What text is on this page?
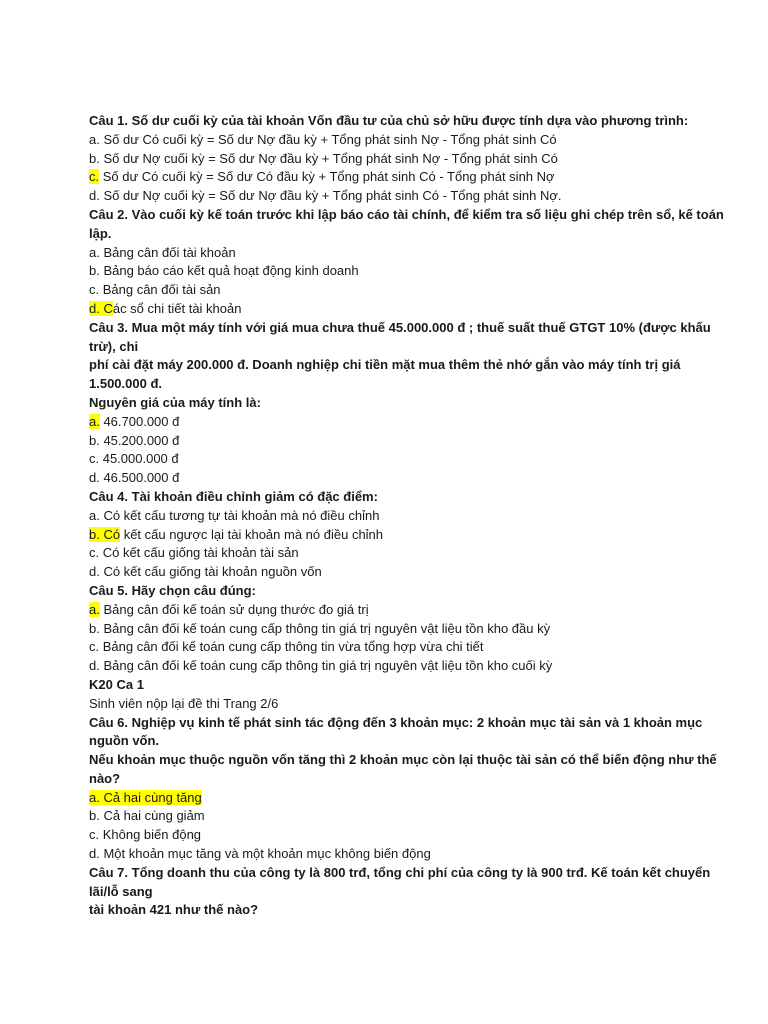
Câu 1. Số dư cuối kỳ của tài khoản Vốn đầu tư của chủ sở hữu được tính dựa vào phương trình:
a. Số dư Có cuối kỳ = Số dư Nợ đầu kỳ + Tổng phát sinh Nợ - Tổng phát sinh Có
b. Số dư Nợ cuối kỳ = Số dư Nợ đầu kỳ + Tổng phát sinh Nợ - Tổng phát sinh Có
c. Số dư Có cuối kỳ = Số dư Có đầu kỳ + Tổng phát sinh Có - Tổng phát sinh Nợ
d. Số dư Nợ cuối kỳ = Số dư Nợ đầu kỳ + Tổng phát sinh Có - Tổng phát sinh Nợ.
Câu 2. Vào cuối kỳ kế toán trước khi lập báo cáo tài chính, để kiểm tra số liệu ghi chép trên sổ, kế toán
lập.
a. Bảng cân đối tài khoản
b. Bảng báo cáo kết quả hoạt động kinh doanh
c. Bảng cân đối tài sản
d. Các sổ chi tiết tài khoản
Câu 3. Mua một máy tính với giá mua chưa thuế 45.000.000 đ ; thuế suất thuế GTGT 10% (được khấu
trừ), chi
phí cài đặt máy 200.000 đ. Doanh nghiệp chi tiền mặt mua thêm thẻ nhớ gắn vào máy tính trị giá
1.500.000 đ.
Nguyên giá của máy tính là:
a. 46.700.000 đ
b. 45.200.000 đ
c. 45.000.000 đ
d. 46.500.000 đ
Câu 4. Tài khoản điều chỉnh giảm có đặc điểm:
a. Có kết cấu tương tự tài khoản mà nó điều chỉnh
b. Có kết cấu ngược lại tài khoản mà nó điều chỉnh
c. Có kết cấu giống tài khoản tài sản
d. Có kết cấu giống tài khoản nguồn vốn
Câu 5. Hãy chọn câu đúng:
a. Bảng cân đối kế toán sử dụng thước đo giá trị
b. Bảng cân đối kế toán cung cấp thông tin giá trị nguyên vật liệu tồn kho đầu kỳ
c. Bảng cân đối kế toán cung cấp thông tin vừa tổng hợp vừa chi tiết
d. Bảng cân đối kế toán cung cấp thông tin giá trị nguyên vật liệu tồn kho cuối kỳ
K20 Ca 1
Sinh viên nộp lại đề thi Trang 2/6
Câu 6. Nghiệp vụ kinh tế phát sinh tác động đến 3 khoản mục: 2 khoản mục tài sản và 1 khoản mục
nguồn vốn.
Nếu khoản mục thuộc nguồn vốn tăng thì 2 khoản mục còn lại thuộc tài sản có thể biến động như thế
nào?
a. Cả hai cùng tăng
b. Cả hai cùng giảm
c. Không biến động
d. Một khoản mục tăng và một khoản mục không biến động
Câu 7. Tổng doanh thu của công ty là 800 trđ, tổng chi phí của công ty là 900 trđ. Kế toán kết chuyển
lãi/lỗ sang
tài khoản 421 như thế nào?
